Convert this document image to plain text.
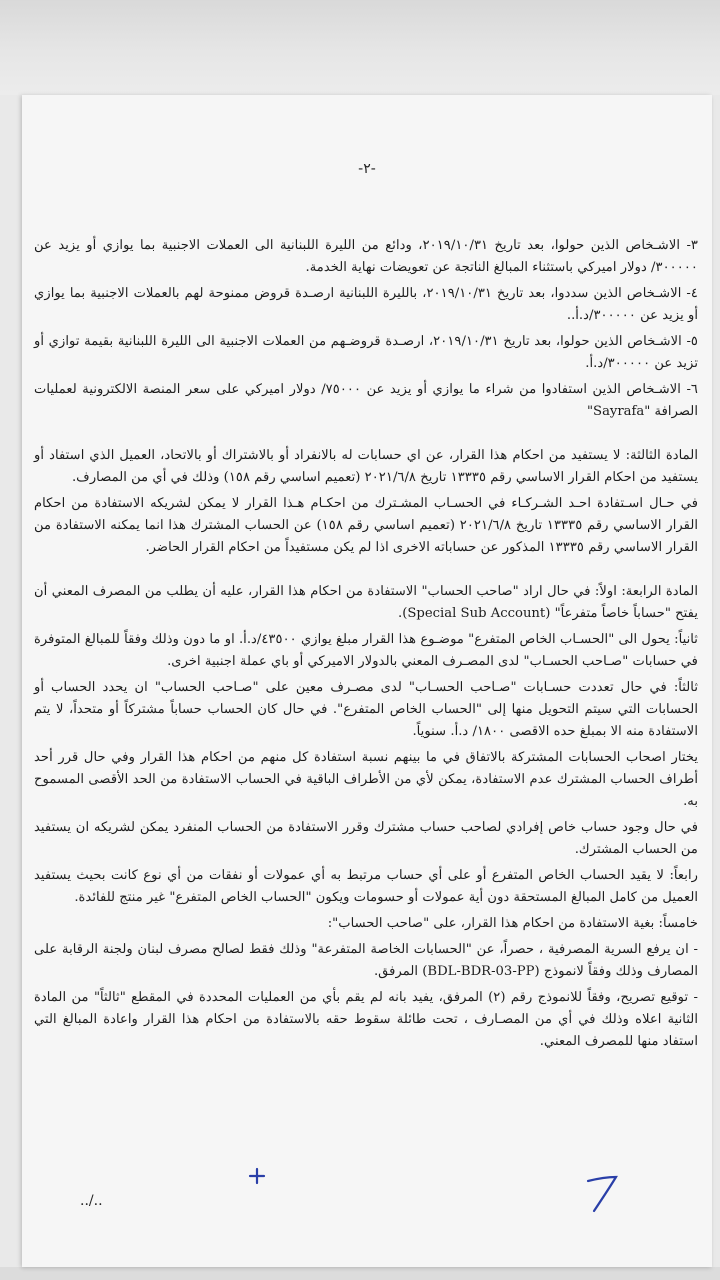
-٢-

٣- الاشـخاص الذين حولوا، بعد تاريخ ٢٠١٩/١٠/٣١، ودائع من الليرة اللبنانية الى العملات الاجنبية بما يوازي أو يزيد عن ٣٠٠٠٠٠/ دولار اميركي باستثناء المبالغ الناتجة عن تعويضات نهاية الخدمة.

٤- الاشـخاص الذين سددوا، بعد تاريخ ٢٠١٩/١٠/٣١، بالليرة اللبنانية ارصـدة قروض ممنوحة لهم بالعملات الاجنبية بما يوازي أو يزيد عن ٣٠٠٠٠٠/د.أ..

٥- الاشـخاص الذين حولوا، بعد تاريخ ٢٠١٩/١٠/٣١، ارصـدة قروضـهم من العملات الاجنبية الى الليرة اللبنانية بقيمة توازي أو تزيد عن ٣٠٠٠٠٠/د.أ.

٦- الاشـخاص الذين استفادوا من شراء ما يوازي أو يزيد عن ٧٥٠٠٠/ دولار اميركي على سعر المنصة الالكترونية لعمليات الصرافة "Sayrafa"

المادة الثالثة: لا يستفيد من احكام هذا القرار، عن اي حسابات له بالانفراد أو بالاشتراك أو بالاتحاد، العميل الذي استفاد أو يستفيد من احكام القرار الاساسي رقم ١٣٣٣٥ تاريخ ٢٠٢١/٦/٨ (تعميم اساسي رقم ١٥٨) وذلك في أي من المصارف.

في حـال اسـتفادة احـد الشـركـاء في الحسـاب المشـترك من احكـام هـذا القرار لا يمكن لشريكه الاستفادة من احكام القرار الاساسي رقم ١٣٣٣٥ تاريخ ٢٠٢١/٦/٨ (تعميم اساسي رقم ١٥٨) عن الحساب المشترك هذا انما يمكنه الاستفادة من القرار الاساسي رقم ١٣٣٣٥ المذكور عن حساباته الاخرى اذا لم يكن مستفيداً من احكام القرار الحاضر.

المادة الرابعة: اولاً: في حال اراد "صاحب الحساب" الاستفادة من احكام هذا القرار، عليه أن يطلب من المصرف المعني أن يفتح "حساباً خاصاً متفرعاً" (Special Sub Account).

ثانياً: يحول الى "الحسـاب الخاص المتفرع" موضـوع هذا القرار مبلغ يوازي ٤٣٥٠٠/د.أ. او ما دون وذلك وفقاً للمبالغ المتوفرة في حسابات "صـاحب الحسـاب" لدى المصـرف المعني بالدولار الاميركي أو باي عملة اجنبية اخرى.

ثالثاً: في حال تعددت حسـابات "صـاحب الحسـاب" لدى مصـرف معين على "صـاحب الحساب" ان يحدد الحساب أو الحسابات التي سيتم التحويل منها إلى "الحساب الخاص المتفرع". في حال كان الحساب حساباً مشتركاً أو متحداً، لا يتم الاستفادة منه الا بمبلغ حده الاقصى ١٨٠٠/ د.أ. سنوياً.

يختار اصحاب الحسابات المشتركة بالاتفاق في ما بينهم نسبة استفادة كل منهم من احكام هذا القرار وفي حال قرر أحد أطراف الحساب المشترك عدم الاستفادة، يمكن لأي من الأطراف الباقية في الحساب الاستفادة من الحد الأقصى المسموح به.

في حال وجود حساب خاص إفرادي لصاحب حساب مشترك وقرر الاستفادة من الحساب المنفرد يمكن لشريكه ان يستفيد من الحساب المشترك.

رابعاً: لا يقيد الحساب الخاص المتفرع أو على أي حساب مرتبط به أي عمولات أو نفقات من أي نوع كانت بحيث يستفيد العميل من كامل المبالغ المستحقة دون أية عمولات أو حسومات ويكون "الحساب الخاص المتفرع" غير منتج للفائدة.

خامساً: بغية الاستفادة من احكام هذا القرار، على "صاحب الحساب":

- ان يرفع السرية المصرفية ، حصراً، عن "الحسابات الخاصة المتفرعة" وذلك فقط لصالح مصرف لبنان ولجنة الرقابة على المصارف وذلك وفقاً لانموذج (BDL-BDR-03-PP) المرفق.

- توقيع تصريح، وفقاً للانموذج رقم (٢) المرفق، يفيد بانه لم يقم بأي من العمليات المحددة في المقطع "ثالثاً" من المادة الثانية اعلاه وذلك في أي من المصـارف ، تحت طائلة سقوط حقه بالاستفادة من احكام هذا القرار واعادة المبالغ التي استفاد منها للمصرف المعني.

../..
